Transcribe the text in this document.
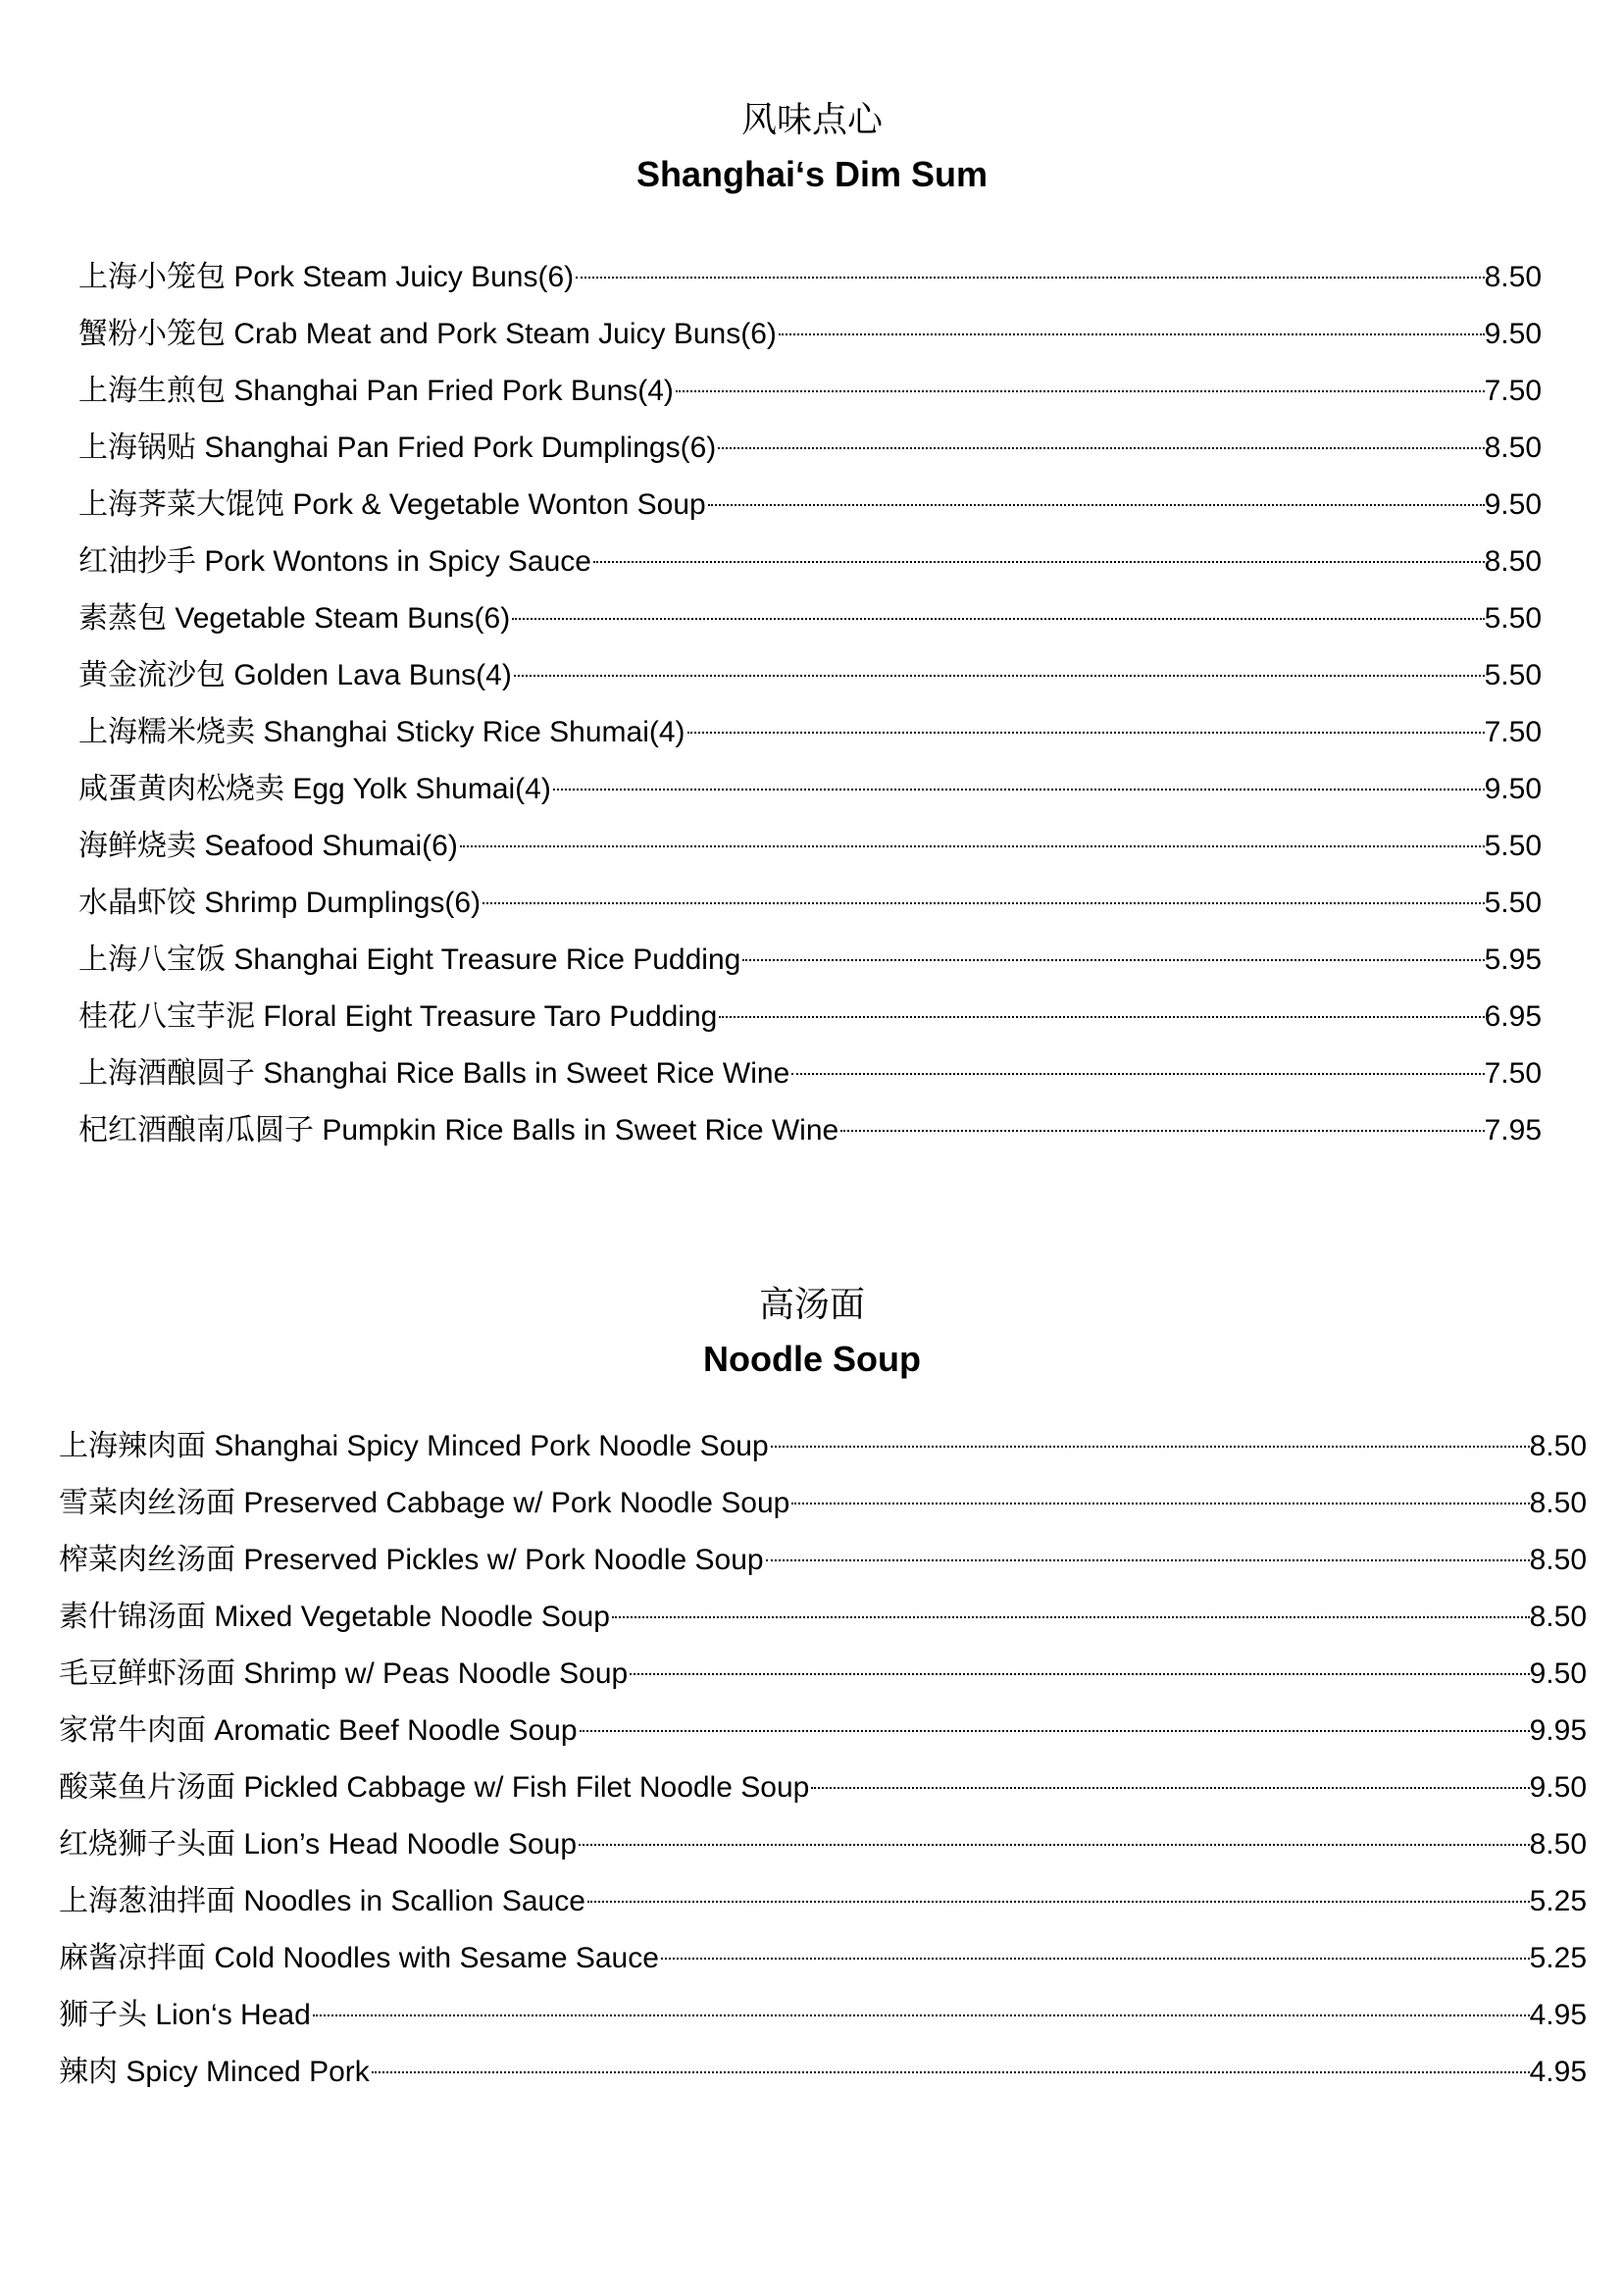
风味点心
Shanghai‘s Dim Sum
上海小笼包 Pork Steam Juicy Buns(6)	8.50
蟹粉小笼包 Crab Meat and Pork Steam Juicy Buns(6)	9.50
上海生煎包 Shanghai Pan Fried Pork Buns(4)	7.50
上海锅贴 Shanghai Pan Fried Pork Dumplings(6)	8.50
上海荠菜大馄饨 Pork & Vegetable Wonton Soup	9.50
红油抄手 Pork Wontons in Spicy Sauce	8.50
素蒸包 Vegetable Steam Buns(6)	5.50
黄金流沙包 Golden Lava Buns(4)	5.50
上海糯米烧卖 Shanghai Sticky Rice Shumai(4)	7.50
咸蛋黄肉松烧卖 Egg Yolk Shumai(4)	9.50
海鲜烧卖 Seafood Shumai(6)	5.50
水晶虾饺 Shrimp Dumplings(6)	5.50
上海八宝饭 Shanghai Eight Treasure Rice Pudding	5.95
桂花八宝芋泥 Floral Eight Treasure Taro Pudding	6.95
上海酒酿圆子 Shanghai Rice Balls in Sweet Rice Wine	7.50
杞红酒酿南瓜圆子 Pumpkin Rice Balls in Sweet Rice Wine	7.95
高汤面
Noodle Soup
上海辣肉面 Shanghai Spicy Minced Pork Noodle Soup	8.50
雪菜肉丝汤面 Preserved Cabbage w/ Pork Noodle Soup	8.50
榨菜肉丝汤面 Preserved Pickles w/ Pork Noodle Soup	8.50
素什锦汤面 Mixed Vegetable Noodle Soup	8.50
毛豆鲜虾汤面 Shrimp w/ Peas Noodle Soup	9.50
家常牛肉面 Aromatic Beef Noodle Soup	9.95
酸菜鱼片汤面 Pickled Cabbage w/ Fish Filet Noodle Soup	9.50
红烧狮子头面 Lion’s Head Noodle Soup	8.50
上海葱油拌面 Noodles in Scallion Sauce	5.25
麻酱凉拌面 Cold Noodles with Sesame Sauce	5.25
狮子头 Lion‘s Head	4.95
辣肉 Spicy Minced Pork	4.95
